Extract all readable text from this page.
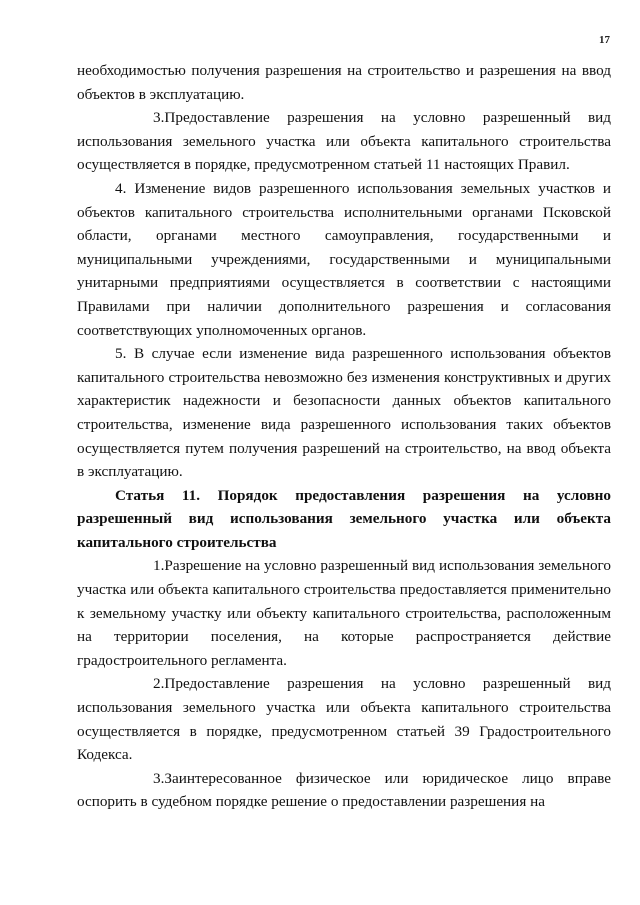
17

необходимостью получения разрешения на строительство и разрешения на ввод объектов в эксплуатацию.

3.Предоставление разрешения на условно разрешенный вид использования земельного участка или объекта капитального строительства осуществляется в порядке, предусмотренном статьей 11 настоящих Правил.

4. Изменение видов разрешенного использования земельных участков и объектов капитального строительства исполнительными органами Псковской области, органами местного самоуправления, государственными и муниципальными учреждениями, государственными и муниципальными унитарными предприятиями осуществляется в соответствии с настоящими Правилами при наличии дополнительного разрешения и согласования соответствующих уполномоченных органов.

5. В случае если изменение вида разрешенного использования объектов капитального строительства невозможно без изменения конструктивных и других характеристик надежности и безопасности данных объектов капитального строительства, изменение вида разрешенного использования таких объектов осуществляется путем получения разрешений на строительство, на ввод объекта в эксплуатацию.

Статья 11. Порядок предоставления разрешения на условно разрешенный вид использования земельного участка или объекта капитального строительства

1.Разрешение на условно разрешенный вид использования земельного участка или объекта капитального строительства предоставляется применительно к земельному участку или объекту капитального строительства, расположенным на территории поселения, на которые распространяется действие градостроительного регламента.

2.Предоставление разрешения на условно разрешенный вид использования земельного участка или объекта капитального строительства осуществляется в порядке, предусмотренном статьей 39 Градостроительного Кодекса.

3.Заинтересованное физическое или юридическое лицо вправе оспорить в судебном порядке решение о предоставлении разрешения на
